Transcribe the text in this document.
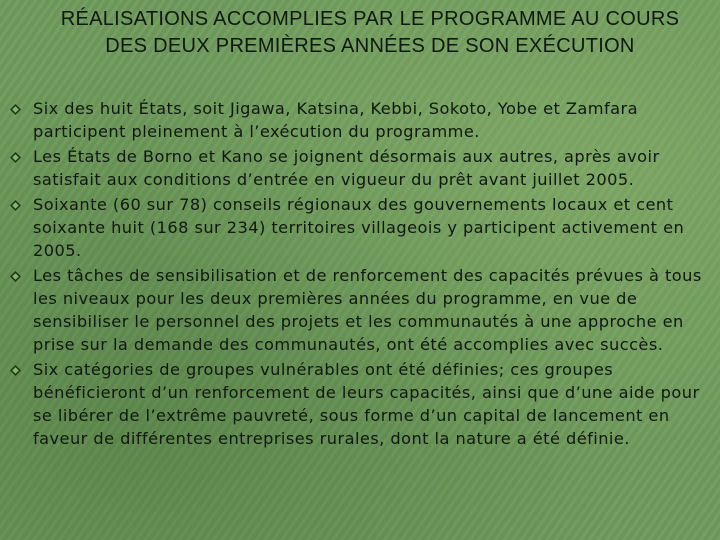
RÉALISATIONS ACCOMPLIES PAR LE PROGRAMME AU COURS DES DEUX PREMIÈRES ANNÉES DE SON EXÉCUTION
Six des huit États, soit Jigawa, Katsina, Kebbi, Sokoto, Yobe et Zamfara participent pleinement à l’exécution du programme.
Les États de Borno et Kano se joignent désormais aux autres, après avoir satisfait aux conditions d’entrée en vigueur du prêt avant juillet 2005.
Soixante (60 sur 78) conseils régionaux des gouvernements locaux et cent soixante huit (168 sur 234) territoires villageois y participent activement en 2005.
Les tâches de sensibilisation et de renforcement des capacités prévues à tous les niveaux pour les deux premières années du programme, en vue de sensibiliser le personnel des projets et les communautés à une approche en prise sur la demande des communautés, ont été accomplies avec succès.
Six catégories de groupes vulnérables ont été définies; ces groupes bénéficieront d’un renforcement de leurs capacités, ainsi que d’une aide pour se libérer de l’extrême pauvreté, sous forme d’un capital de lancement en faveur de différentes entreprises rurales, dont la nature a été définie.
